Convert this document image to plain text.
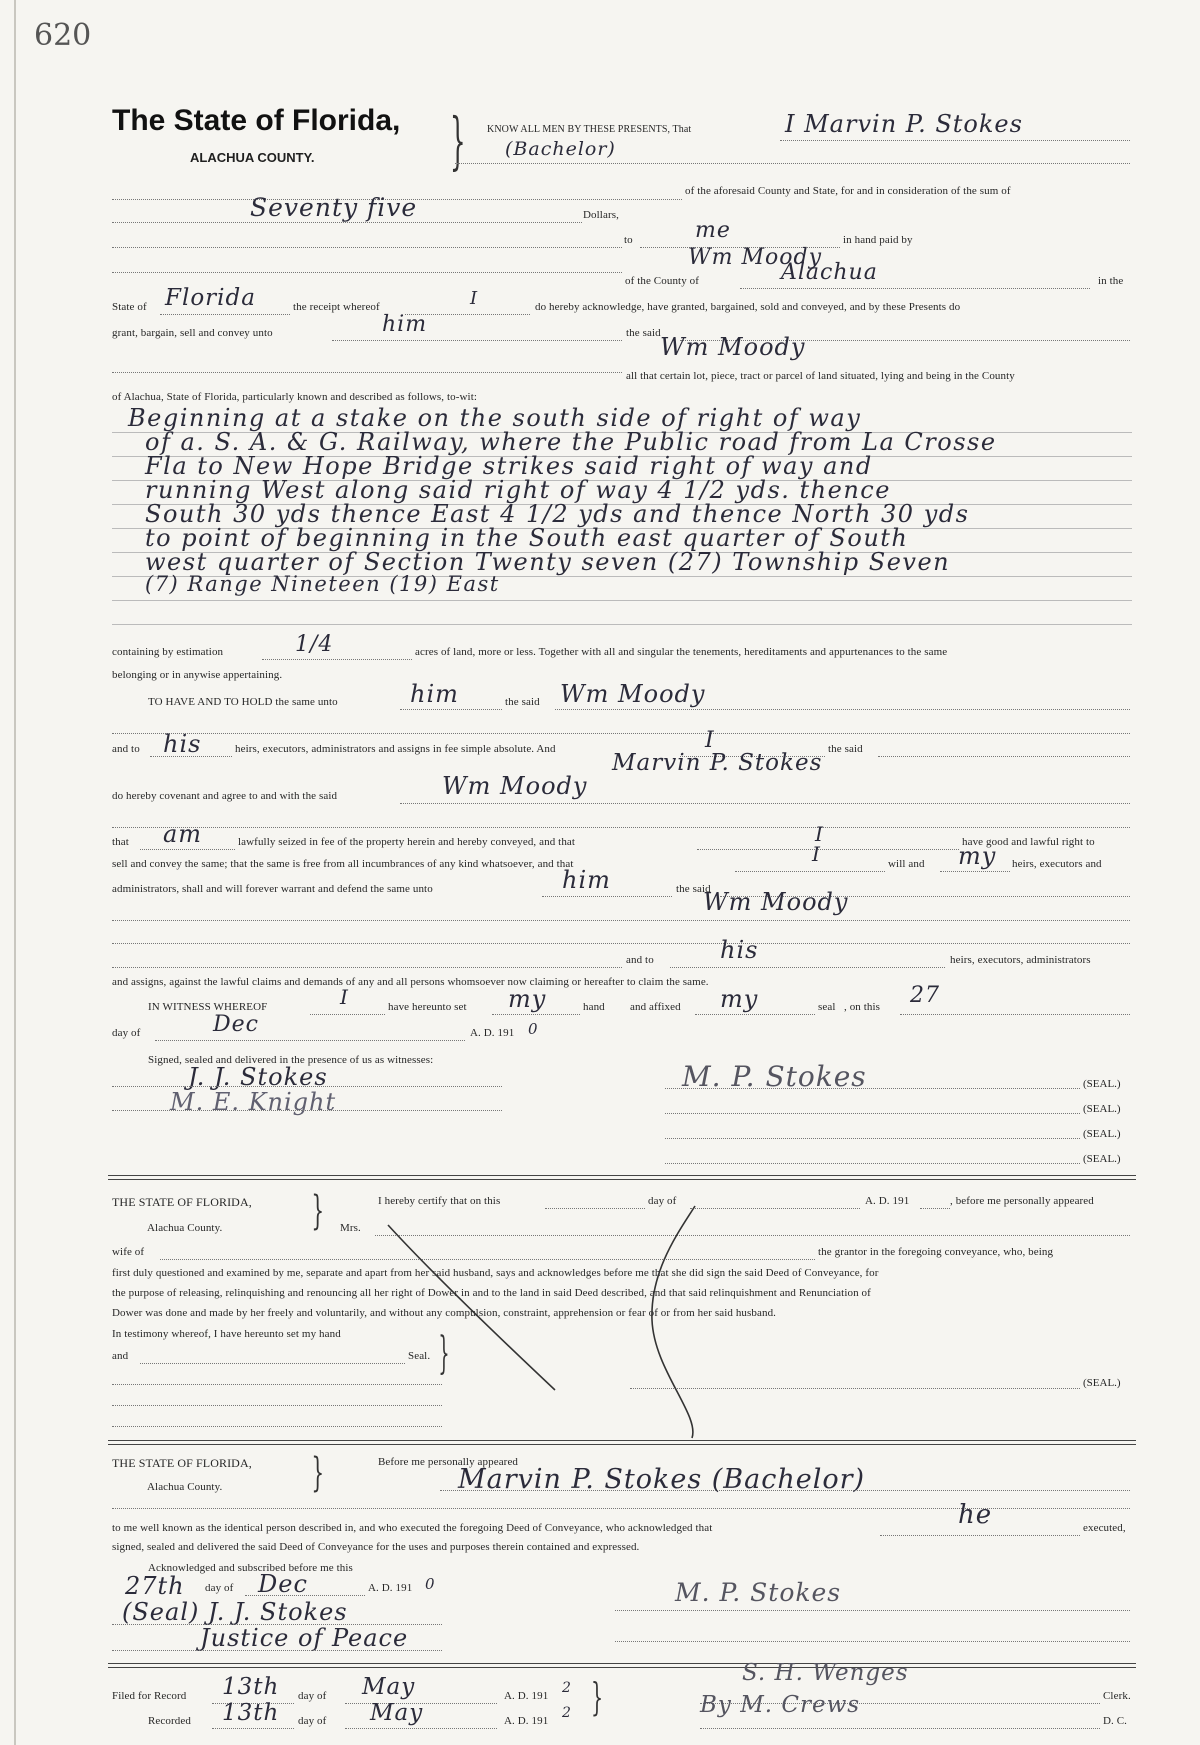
620
The State of Florida,
ALACHUA COUNTY. } KNOW ALL MEN BY THESE PRESENTS, That	I Marvin P. Stokes
(Bachelor)
of the aforesaid County and State, for and in consideration of the sum of
Seventy five	Dollars,
to	me	in hand paid by
Wm Moody
of the County of	Alachua	in the
State of Florida	the receipt whereof	I	do hereby acknowledge, have granted, bargained, sold and conveyed, and by these Presents do
grant, bargain, sell and convey unto	him	the said Wm Moody
all that certain lot, piece, tract or parcel of land situated, lying and being in the County
of Alachua, State of Florida, particularly known and described as follows, to-wit:
Beginning at a stake on the south side of right of way
of a. S. A. & G. Railway, where the Public road from La Crosse
Fla to New Hope Bridge strikes said right of way and
running West along said right of way 4 1/2 yds. thence
South 30 yds thence East 4 1/2 yds and thence North 30 yds
to point of beginning in the South east quarter of South
west quarter of Section Twenty seven (27) Township Seven
(7) Range Nineteen (19) East
containing by estimation	1/4	acres of land, more or less. Together with all and singular the tenements, hereditaments and appurtenances to the same
belonging or in anywise appertaining.
TO HAVE AND TO HOLD the same unto	him	the said Wm Moody
and to his	heirs, executors, administrators and assigns in fee simple absolute. And	I	the said
Marvin P. Stokes
do hereby covenant and agree to and with the said	Wm Moody
that am	lawfully seized in fee of the property herein and hereby conveyed, and that	I	have good and lawful right to
sell and convey the same; that the same is free from all incumbrances of any kind whatsoever, and that	I	will and my heirs, executors and
administrators, shall and will forever warrant and defend the same unto	him	the said
Wm Moody
and to	his	heirs, executors, administrators
and assigns, against the lawful claims and demands of any and all persons whomsoever now claiming or hereafter to claim the same.
IN WITNESS WHEREOF	I	have hereunto set my	hand and affixed my	seal , on this 27
day of	Dec	A. D. 191 0
Signed, sealed and delivered in the presence of us as witnesses:
J. J. Stokes
M. E. Knight
M. P. Stokes	(SEAL.)
(SEAL.)
(SEAL.)
(SEAL.)
THE STATE OF FLORIDA,
Alachua County. }	I hereby certify that on this	day of	A. D. 191	, before me personally appeared
Mrs.
wife of	the grantor in the foregoing conveyance, who, being
first duly questioned and examined by me, separate and apart from her said husband, says and acknowledges before me that she did sign the said Deed of Conveyance, for
the purpose of releasing, relinquishing and renouncing all her right of Dower in and to the land in said Deed described, and that said relinquishment and Renunciation of
Dower was done and made by her freely and voluntarily, and without any compulsion, constraint, apprehension or fear of or from her said husband.
In testimony whereof, I have hereunto set my hand
and	Seal. }
(SEAL.)
THE STATE OF FLORIDA,
Alachua County. }	Before me personally appeared
Marvin P. Stokes (Bachelor)
to me well known as the identical person described in, and who executed the foregoing Deed of Conveyance, who acknowledged that	he	executed,
signed, sealed and delivered the said Deed of Conveyance for the uses and purposes therein contained and expressed.
Acknowledged and subscribed before me this
27th day of Dec	A. D. 191 0
(Seal) J. J. Stokes
Justice of Peace
M. P. Stokes
Filed for Record 13th day of May	A. D. 191 2
Recorded 13th day of May	A. D. 191 2 }
S. H. Wenges
Clerk.
By M. Crews
D. C.
